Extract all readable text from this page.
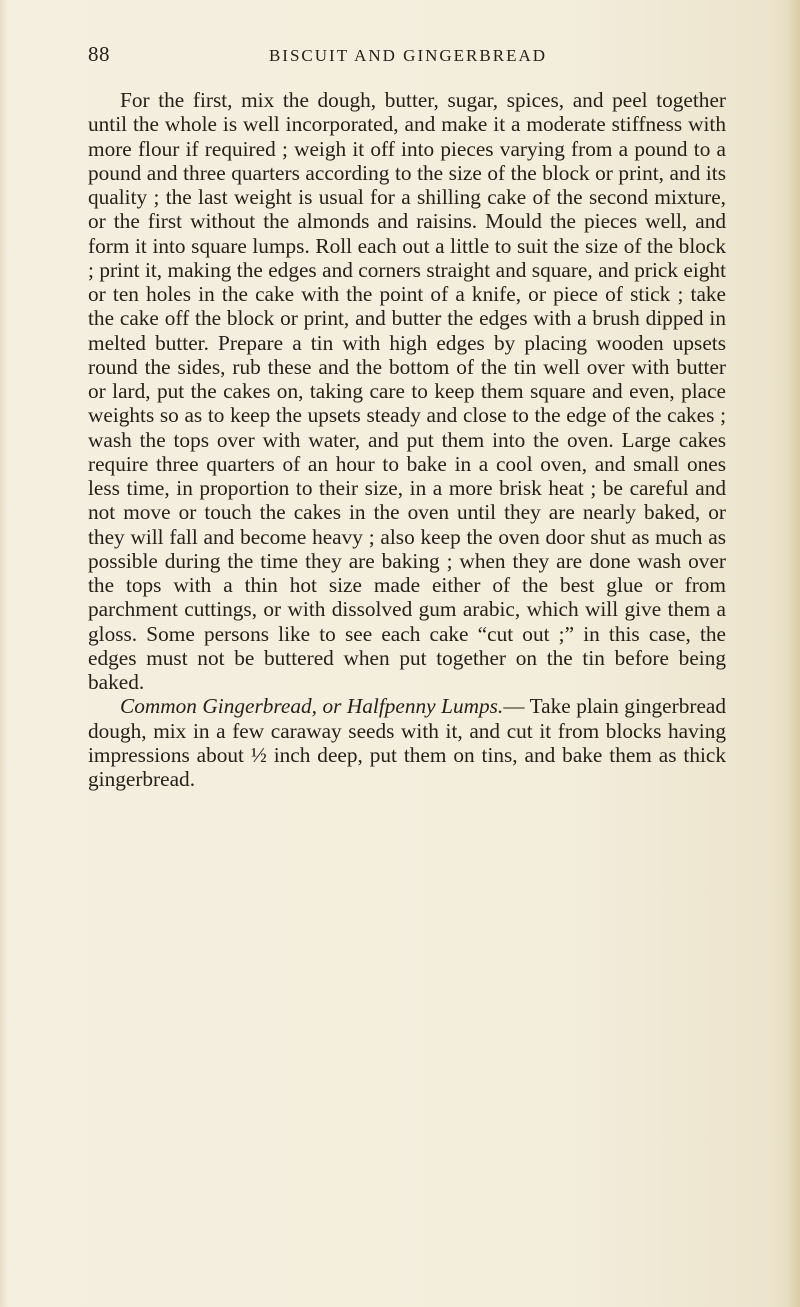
88	BISCUIT AND GINGERBREAD

For the first, mix the dough, butter, sugar, spices, and peel together until the whole is well incorporated, and make it a moderate stiffness with more flour if required ; weigh it off into pieces varying from a pound to a pound and three quarters according to the size of the block or print, and its quality ; the last weight is usual for a shilling cake of the second mixture, or the first without the almonds and raisins. Mould the pieces well, and form it into square lumps. Roll each out a little to suit the size of the block ; print it, making the edges and corners straight and square, and prick eight or ten holes in the cake with the point of a knife, or piece of stick ; take the cake off the block or print, and butter the edges with a brush dipped in melted butter. Prepare a tin with high edges by placing wooden upsets round the sides, rub these and the bottom of the tin well over with butter or lard, put the cakes on, taking care to keep them square and even, place weights so as to keep the upsets steady and close to the edge of the cakes ; wash the tops over with water, and put them into the oven. Large cakes require three quarters of an hour to bake in a cool oven, and small ones less time, in proportion to their size, in a more brisk heat ; be careful and not move or touch the cakes in the oven until they are nearly baked, or they will fall and become heavy ; also keep the oven door shut as much as possible during the time they are baking ; when they are done wash over the tops with a thin hot size made either of the best glue or from parchment cuttings, or with dissolved gum arabic, which will give them a gloss. Some persons like to see each cake “cut out ;” in this case, the edges must not be buttered when put together on the tin before being baked.

Common Gingerbread, or Halfpenny Lumps.— Take plain gingerbread dough, mix in a few caraway seeds with it, and cut it from blocks having impressions about ½ inch deep, put them on tins, and bake them as thick gingerbread.
